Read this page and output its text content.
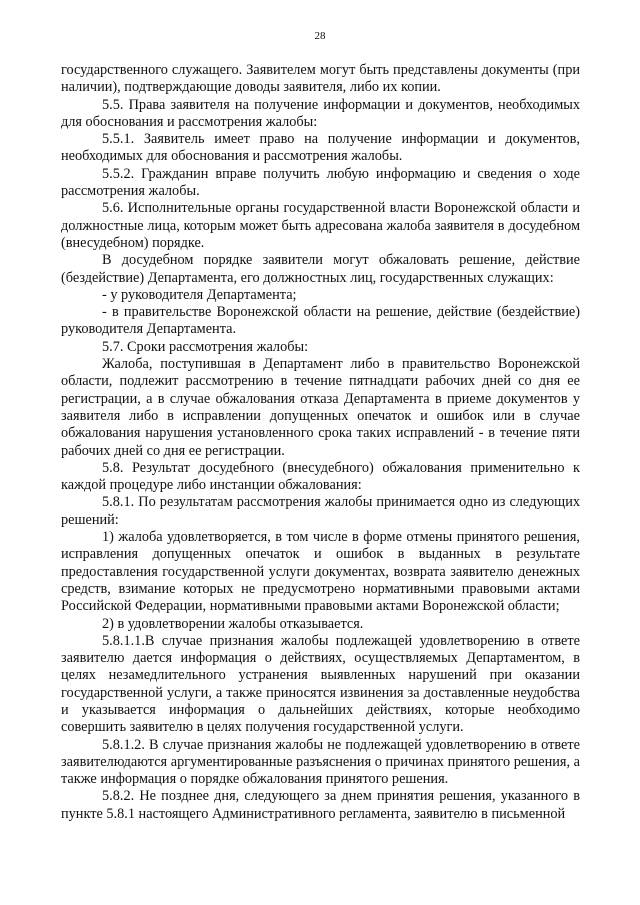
28

государственного служащего. Заявителем могут быть представлены документы (при наличии), подтверждающие доводы заявителя, либо их копии.

5.5. Права заявителя на получение информации и документов, необходимых для обоснования и рассмотрения жалобы:

5.5.1. Заявитель имеет право на получение информации и документов, необходимых для обоснования и рассмотрения жалобы.

5.5.2. Гражданин вправе получить любую информацию и сведения о ходе рассмотрения жалобы.

5.6. Исполнительные органы государственной власти Воронежской области и должностные лица, которым может быть адресована жалоба заявителя в досудебном (внесудебном) порядке.

В досудебном порядке заявители могут обжаловать решение, действие (бездействие) Департамента, его должностных лиц, государственных служащих:

- у руководителя Департамента;

- в правительстве Воронежской области на решение, действие (бездействие) руководителя Департамента.

5.7. Сроки рассмотрения жалобы:

Жалоба, поступившая в Департамент либо в правительство Воронежской области, подлежит рассмотрению в течение пятнадцати рабочих дней со дня ее регистрации, а в случае обжалования отказа Департамента в приеме документов у заявителя либо в исправлении допущенных опечаток и ошибок или в случае обжалования нарушения установленного срока таких исправлений - в течение пяти рабочих дней со дня ее регистрации.

5.8. Результат досудебного (внесудебного) обжалования применительно к каждой процедуре либо инстанции обжалования:

5.8.1. По результатам рассмотрения жалобы принимается одно из следующих решений:

1) жалоба удовлетворяется, в том числе в форме отмены принятого решения, исправления допущенных опечаток и ошибок в выданных в результате предоставления государственной услуги документах, возврата заявителю денежных средств, взимание которых не предусмотрено нормативными правовыми актами Российской Федерации, нормативными правовыми актами Воронежской области;

2) в удовлетворении жалобы отказывается.

5.8.1.1.В случае признания жалобы подлежащей удовлетворению в ответе заявителю дается информация о действиях, осуществляемых Департаментом, в целях незамедлительного устранения выявленных нарушений при оказании государственной услуги, а также приносятся извинения за доставленные неудобства и указывается информация о дальнейших действиях, которые необходимо совершить заявителю в целях получения государственной услуги.

5.8.1.2. В случае признания жалобы не подлежащей удовлетворению в ответе заявителюдаются аргументированные разъяснения о причинах принятого решения, а также информация о порядке обжалования принятого решения.

5.8.2. Не позднее дня, следующего за днем принятия решения, указанного в пункте 5.8.1 настоящего Административного регламента, заявителю в письменной
